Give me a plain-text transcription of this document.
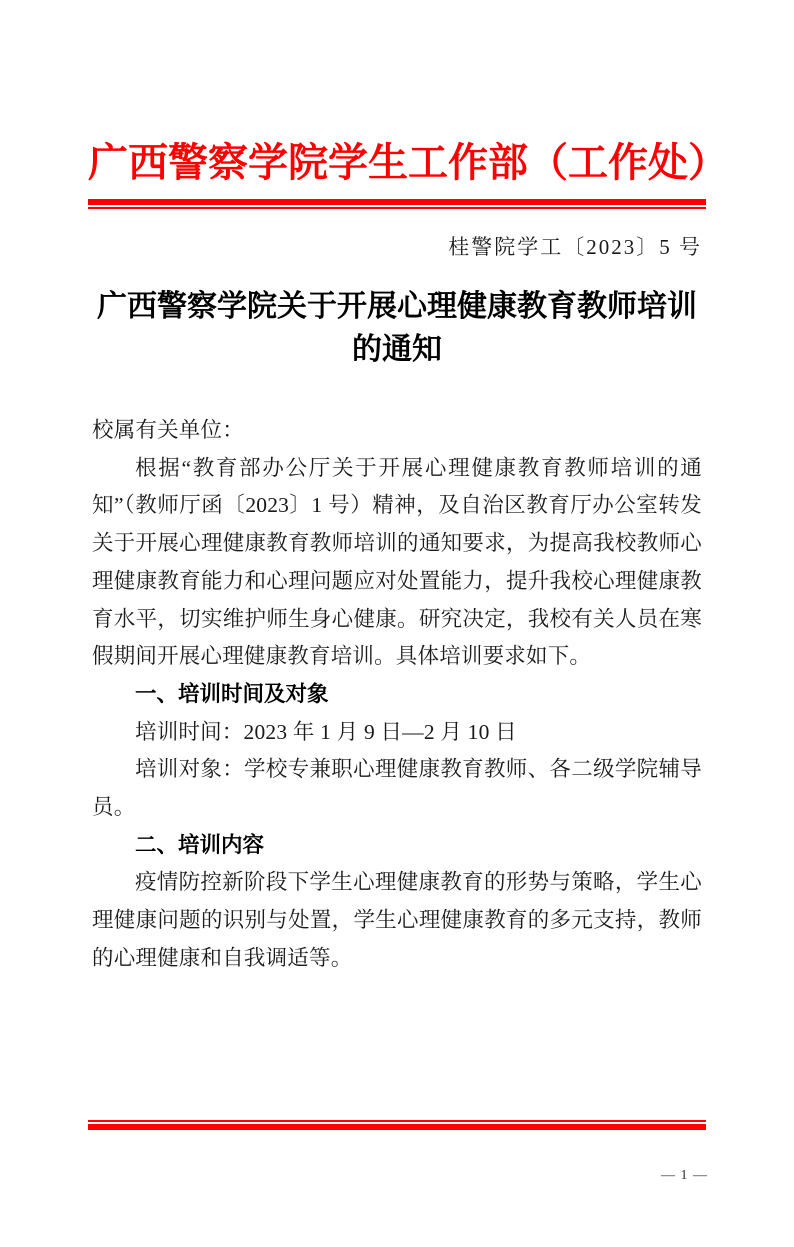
广西警察学院学生工作部（工作处）
桂警院学工〔2023〕5 号
广西警察学院关于开展心理健康教育教师培训的通知

校属有关单位：

根据“教育部办公厅关于开展心理健康教育教师培训的通知”（教师厅函〔2023〕1 号）精神，及自治区教育厅办公室转发关于开展心理健康教育教师培训的通知要求，为提高我校教师心理健康教育能力和心理问题应对处置能力，提升我校心理健康教育水平，切实维护师生身心健康。研究决定，我校有关人员在寒假期间开展心理健康教育培训。具体培训要求如下。

一、培训时间及对象

培训时间：2023 年 1 月 9 日—2 月 10 日

培训对象：学校专兼职心理健康教育教师、各二级学院辅导员。

二、培训内容

疫情防控新阶段下学生心理健康教育的形势与策略，学生心理健康问题的识别与处置，学生心理健康教育的多元支持，教师的心理健康和自我调适等。

— 1 —
